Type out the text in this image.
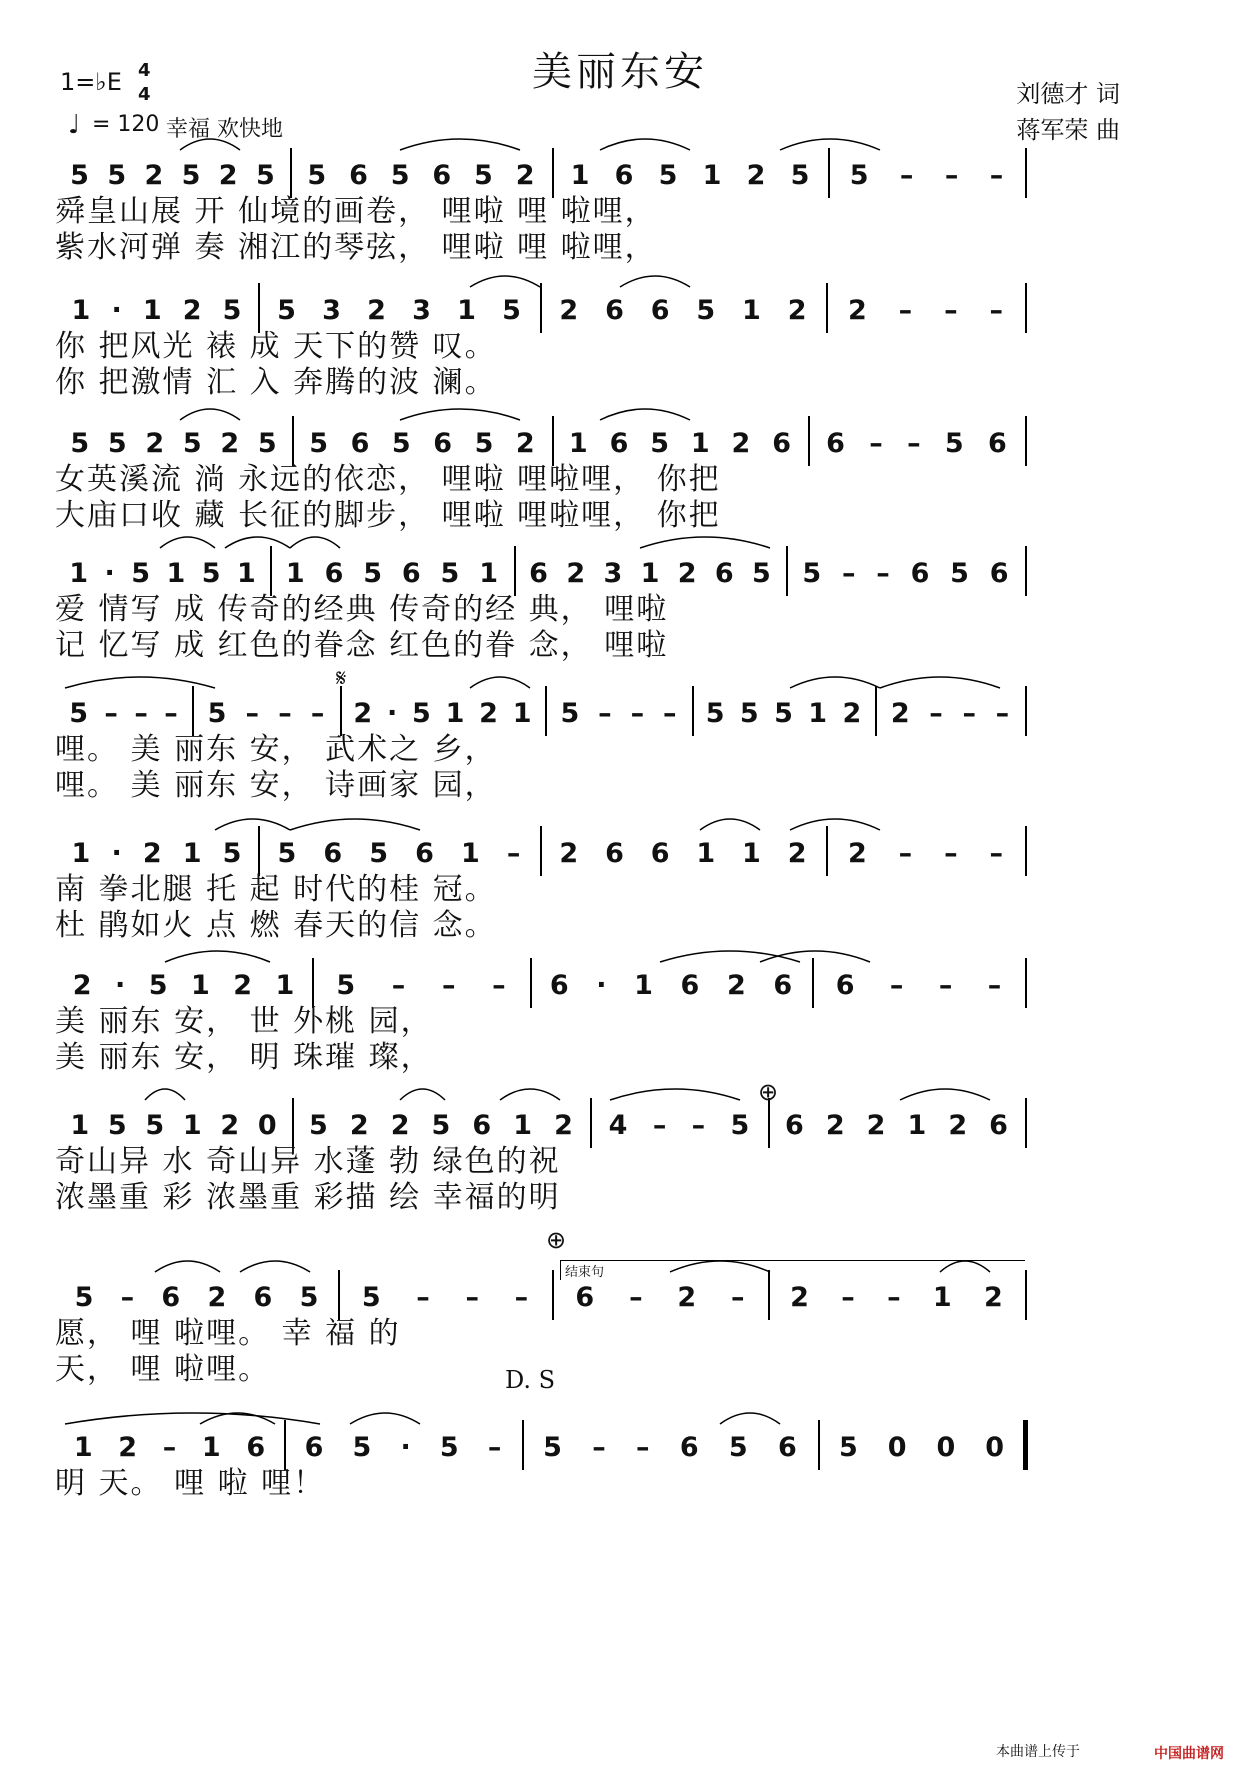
美丽东安
1=♭E 4
4
♩ = 120 幸福 欢快地
刘德才 词
蒋军荣 曲
5 5 2 5 2 5 5 6 5 6 5 2 1 6 5 1 2 5 5 – – –
舜皇山展 开 仙境的画卷， 哩啦 哩 啦哩，
紫水河弹 奏 湘江的琴弦， 哩啦 哩 啦哩，
1 · 1 2 5 5 3 2 3 1 5 2 6 6 5 1 2 2 – – –
你 把风光 裱 成 天下的赞 叹。
你 把激情 汇 入 奔腾的波 澜。
5 5 2 5 2 5 5 6 5 6 5 2 1 6 5 1 2 6 6 – – 5 6
女英溪流 淌 永远的依恋， 哩啦 哩啦哩， 你把
大庙口收 藏 长征的脚步， 哩啦 哩啦哩， 你把
1 · 5 1 5 1 1 6 5 6 5 1 6 2 3 1 2 6 5 5 – – 6 5 6
爱 情写 成 传奇的经典 传奇的经 典， 哩啦
记 忆写 成 红色的眷念 红色的眷 念， 哩啦
5 – – – 5 – – – 2 · 5 1 2 1 5 – – – 5 5 5 1 2 2 – – –
哩。 美 丽东 安， 武术之 乡，
哩。 美 丽东 安， 诗画家 园，
𝄋
1 · 2 1 5 5 6 5 6 1 – 2 6 6 1 1 2 2 – – –
南 拳北腿 托 起 时代的桂 冠。
杜 鹃如火 点 燃 春天的信 念。
2 · 5 1 2 1 5 – – – 6 · 1 6 2 6 6 – – –
美 丽东 安， 世 外桃 园，
美 丽东 安， 明 珠璀 璨，
1 5 5 1 2 0 5 2 2 5 6 1 2 4 – – 5 6 2 2 1 2 6
奇山异 水 奇山异 水蓬 勃 绿色的祝
浓墨重 彩 浓墨重 彩描 绘 幸福的明
⊕
5 – 6 2 6 5 5 – – – 6 – 2 – 2 – – 1 2
愿， 哩 啦哩。 幸 福 的
天， 哩 啦哩。
⊕
结束句
1 2 – 1 6 6 5 · 5 – 5 – – 6 5 6 5 0 0 0
明 天。 哩 啦 哩！
D. S
本曲谱上传于	中国曲谱网
